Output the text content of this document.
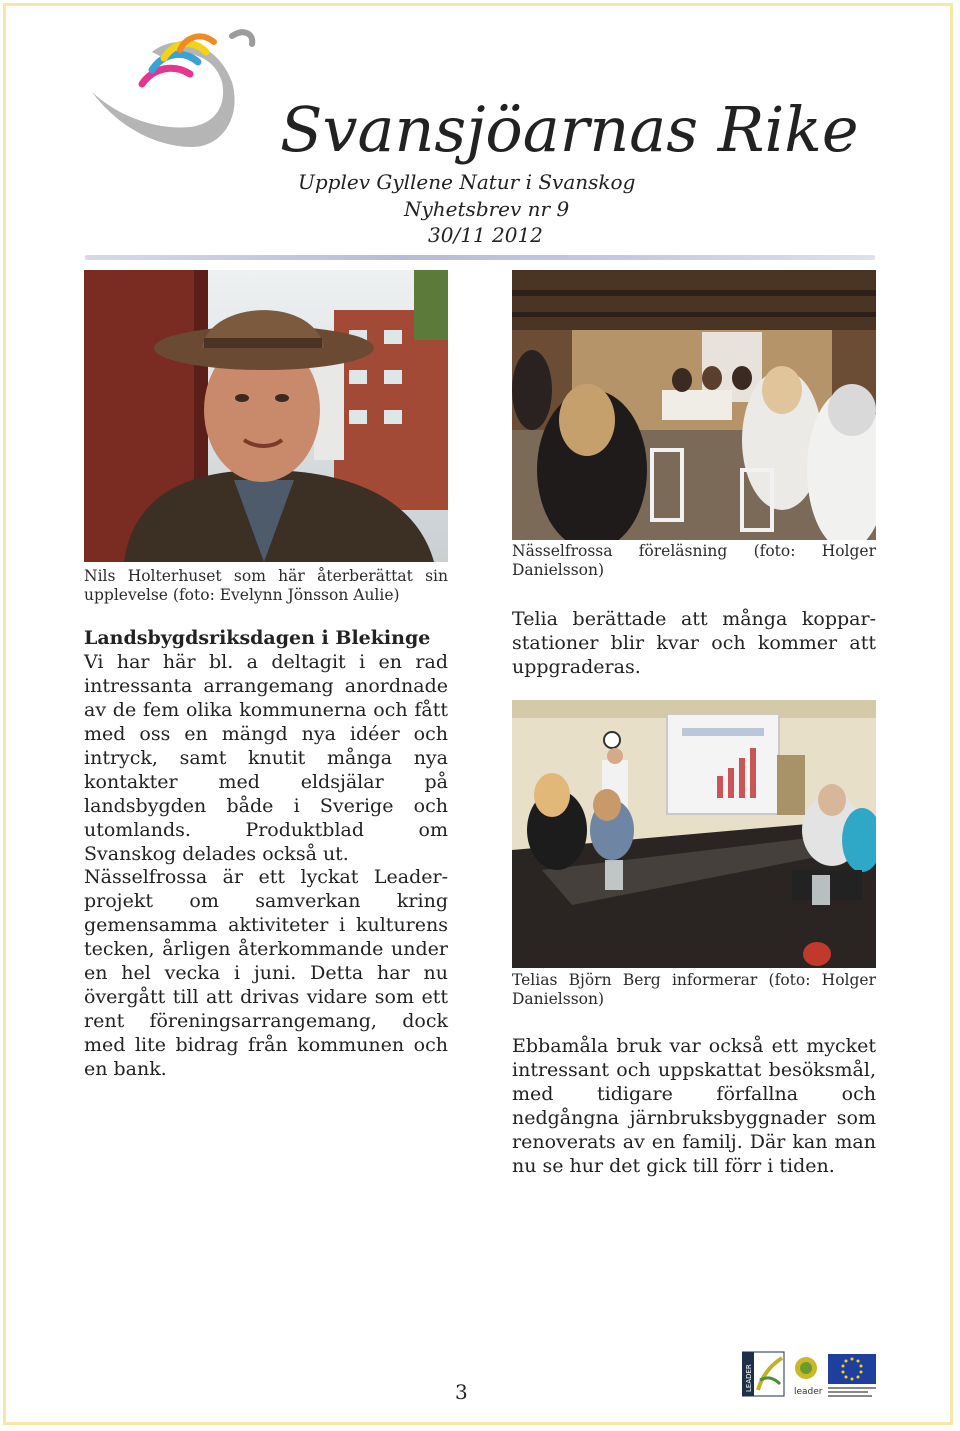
Svansjöarnas Rike
Upplev Gyllene Natur i Svanskog
Nyhetsbrev nr 9
30/11 2012

Nils Holterhuset som här återberättat sin upplevelse (foto: Evelynn Jönsson Aulie)

Landsbygdsriksdagen i Blekinge

Vi har här bl. a deltagit i en rad intressanta arrangemang anordnade av de fem olika kommunerna och fått med oss en mängd nya idéer och intryck, samt knutit många nya kontakter med eldsjälar på landsbygden både i Sverige och utomlands. Produktblad om Svanskog delades också ut.

Nässelfrossa är ett lyckat Leader-projekt om samverkan kring gemensamma aktiviteter i kulturens tecken, årligen återkommande under en hel vecka i juni. Detta har nu övergått till att drivas vidare som ett rent föreningsarrangemang, dock med lite bidrag från kommunen och en bank.

Nässelfrossa föreläsning (foto: Holger Danielsson)

Telia berättade att många koppar-stationer blir kvar och kommer att uppgraderas.

Telias Björn Berg informerar (foto: Holger Danielsson)

Ebbamåla bruk var också ett mycket intressant och uppskattat besöksmål, med tidigare förfallna och nedgångna järnbruksbyggnader som renoverats av en familj. Där kan man nu se hur det gick till förr i tiden.

3	LEADER	leader
